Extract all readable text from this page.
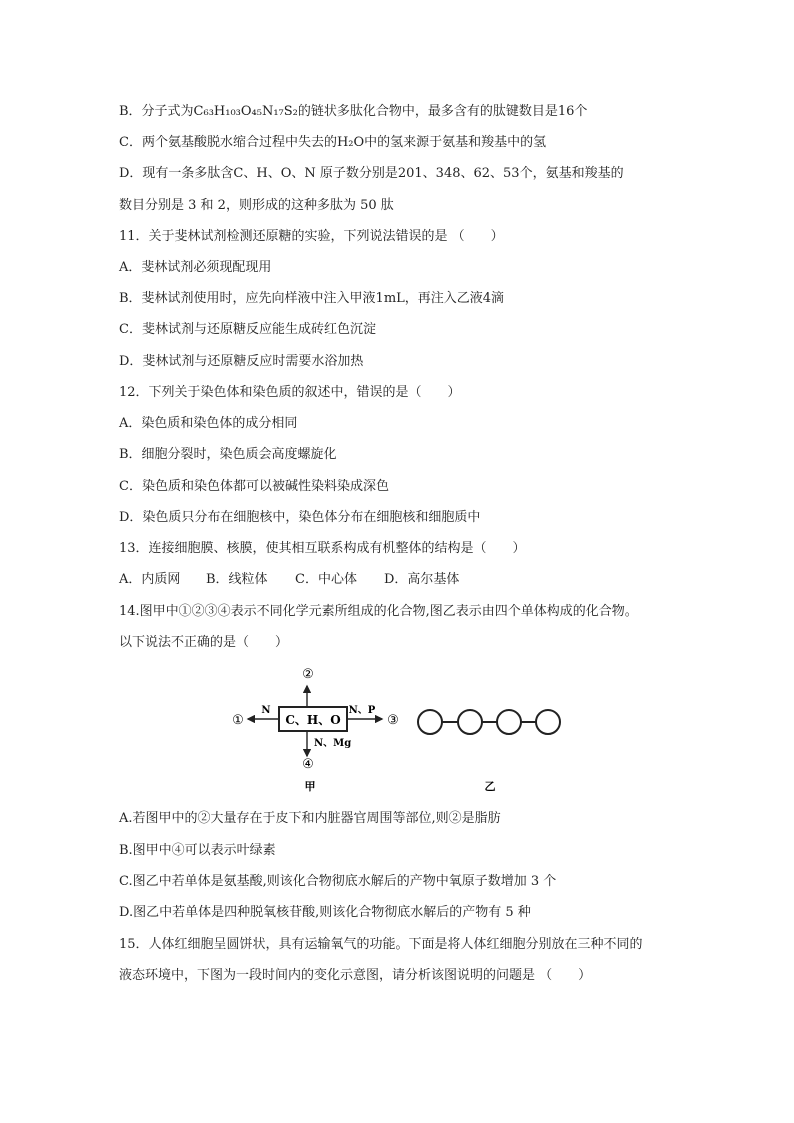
B．分子式为C₆₃H₁₀₃O₄₅N₁₇S₂的链状多肽化合物中，最多含有的肽键数目是16个
C．两个氨基酸脱水缩合过程中失去的H₂O中的氢来源于氨基和羧基中的氢
D．现有一条多肽含C、H、O、N 原子数分别是201、348、62、53个，氨基和羧基的
数目分别是 3 和 2，则形成的这种多肽为 50 肽
11．关于斐林试剂检测还原糖的实验，下列说法错误的是 （　　）
A．斐林试剂必须现配现用
B．斐林试剂使用时，应先向样液中注入甲液1mL，再注入乙液4滴
C．斐林试剂与还原糖反应能生成砖红色沉淀
D．斐林试剂与还原糖反应时需要水浴加热
12．下列关于染色体和染色质的叙述中，错误的是（　　）
A．染色质和染色体的成分相同
B．细胞分裂时，染色质会高度螺旋化
C．染色质和染色体都可以被碱性染料染成深色
D．染色质只分布在细胞核中，染色体分布在细胞核和细胞质中
13．连接细胞膜、核膜，使其相互联系构成有机整体的结构是（　　）
A．内质网 B．线粒体 C．中心体 D．高尔基体
14.图甲中①②③④表示不同化学元素所组成的化合物,图乙表示由四个单体构成的化合物。
以下说法不正确的是（　　）
C、H、O
②
N
①
N、P
③
N、Mg
④
甲	乙
A.若图甲中的②大量存在于皮下和内脏器官周围等部位,则②是脂肪
B.图甲中④可以表示叶绿素
C.图乙中若单体是氨基酸,则该化合物彻底水解后的产物中氧原子数增加 3 个
D.图乙中若单体是四种脱氧核苷酸,则该化合物彻底水解后的产物有 5 种
15．人体红细胞呈圆饼状，具有运输氧气的功能。下面是将人体红细胞分别放在三种不同的
液态环境中，下图为一段时间内的变化示意图，请分析该图说明的问题是 （　　）
